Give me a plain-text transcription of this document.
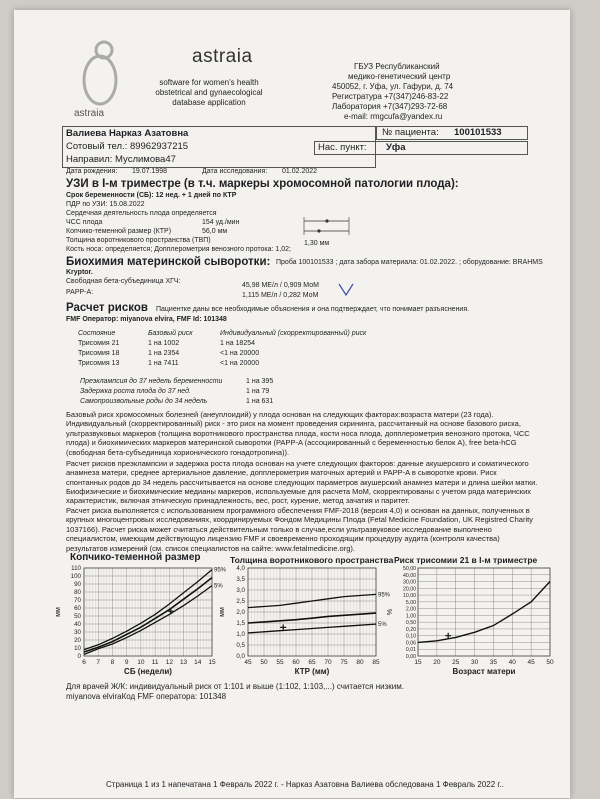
astraia
astraia
software for women's health
obstetrical and gynaecological
database application
ГБУЗ Республиканский
медико-генетический центр
450052, г. Уфа, ул. Гафури, д. 74
Регистратура +7(347)246-83-22
Лаборатория +7(347)293-72-68
e-mail: rmgcufa@yandex.ru
Валиева Нарказ Азатовна
Сотовый тел.: 89962937215
Направил: Муслимова47
№ пациента: 100101533
Нас. пункт: Уфа
Дата рождения: 19.07.1998	Дата исследования: 01.02.2022
УЗИ в I-м триместре (в т.ч. маркеры хромосомной патологии плода):
Срок беременности (СБ): 12 нед. + 1 дней по КТР
ПДР по УЗИ: 15.08.2022
Сердечная деятельность плода определяется
ЧСС плода	154 уд./мин
Копчико-теменной размер (КТР)	56,0 мм
Толщина воротникового пространства (ТВП)	1,30 мм
Кость носа: определяется; Допплерометрия венозного протока: 1,02;
Биохимия материнской сыворотки: Проба 100101533 ; дата забора материала: 01.02.2022. ; оборудование: BRAHMS
Kryptor.
Свободная бета-субъединица ХГЧ:
45,98 МЕ/л / 0,909 МоМ
PAPP-A:	1,115 МЕ/л / 0,282 МоМ
Расчет рисков Пациентке даны все необходимые объяснения и она подтверждает, что понимает разъяснения.
FMF Оператор: miyanova elvira, FMF Id: 101348
Состояние	Базовый риск	Индивидуальный (скорректированный) риск
Трисомия 21	1 на 1002	1 на 18254
Трисомия 18	1 на 2354	<1 на 20000
Трисомия 13	1 на 7411	<1 на 20000
Преэклампсия до 37 недель беременности	1 на 395
Задержка роста плода до 37 нед.	1 на 79
Самопроизвольные роды до 34 недель	1 на 631
Базовый риск хромосомных болезней (анеуплоидий) у плода основан на следующих факторах:возраста матери (23 года). Индивидуальный (скорректированный) риск - это риск на момент проведения скрининга, рассчитанный на основе базового риска, ультразвуковых маркеров (толщина воротникового пространства плода, кости носа плода, допплерометрия венозного протока, ЧСС плода) и биохимических маркеров материнской сыворотки (PAPP-A (ассоциированный с беременностью белок А), free beta-hCG (свободная бета-субъединица хорионического гонадотропина)).
Расчет рисков преэклампсии и задержка роста плода основан на учете следующих факторов: данные акушерского и соматического анамнеза матери, среднее артериальное давление, допплерометрия маточных артерий и PAPP-A в сыворотке крови. Риск спонтанных родов до 34 недель рассчитывается на основе следующих параметров акушерский анамнез матери и длина шейки матки.
Биофизические и биохимические медианы маркеров, используемые для расчета МоМ, скорректированы с учетом ряда материнских характеристик, включая этническую принадлежность, вес, рост, курение, метод зачатия и паритет.
Расчет риска выполняется с использованием программного обеспечения FMF-2018 (версия 4,0) и основан на данных, полученных в крупных многоцентровых исследованиях, координируемых Фондом Медицины Плода (Fetal Medicine Foundation, UK Registred Charity 1037166). Расчет риска может считаться действительным только в случае,если ультразвуковое исследование выполнено специалистом, имеющим действующую лицензию FMF и своевременно проходящим процедуру аудита (контроля качества) результатов измерений (см. список специалистов на сайте: www.fetalmedicine.org).
Копчико-теменной размер	Толщина воротникового пространства Риск трисомии 21 в I-м триместре
6 7 8 9 10 11 12 13 14 15
0
10
20
30
40
50
60
70
80
90
100
110
5%
95%
мм
СБ (недели)
45 50 55 60 65 70 75 80 85
0,0
0,5
1,0
1,5
2,0
2,5
3,0
3,5
4,0
5%
95%
мм
КТР (мм)
15 20 25 30 35 40 45 50
0,00
0,01
0,06
0,10
0,20
0,50
1,00
2,00
5,00
10,00
20,00
30,00
40,00
50,00
Возраст матери
%
Для врачей Ж/К: индивидуальный риск от 1:101 и выше (1:102, 1:103,...) считается низким.
miyanova elviraКод FMF оператора: 101348
Страница 1 из 1 напечатана 1 Февраль 2022 г. - Нарказ Азатовна Валиева обследована 1 Февраль 2022 г..
